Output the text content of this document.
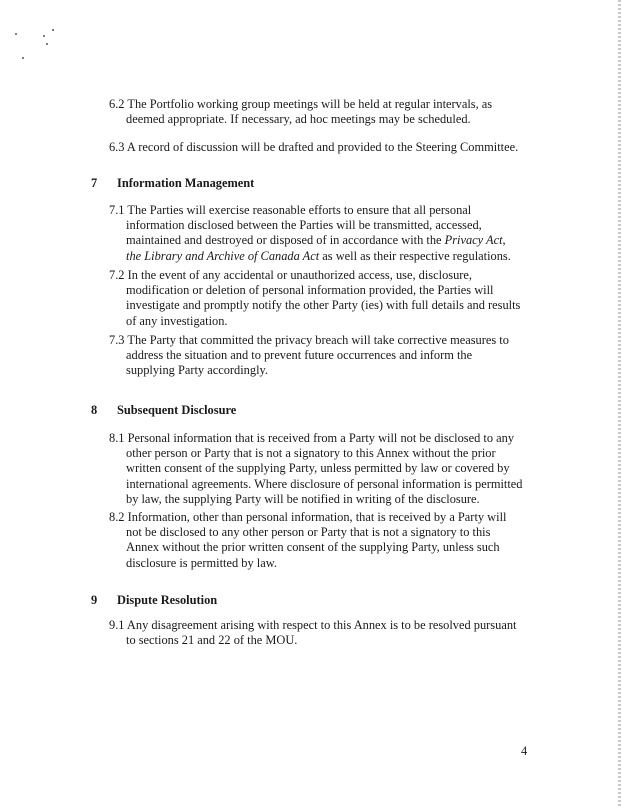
6.2 The Portfolio working group meetings will be held at regular intervals, as deemed appropriate. If necessary, ad hoc meetings may be scheduled.
6.3 A record of discussion will be drafted and provided to the Steering Committee.
7 Information Management
7.1 The Parties will exercise reasonable efforts to ensure that all personal information disclosed between the Parties will be transmitted, accessed, maintained and destroyed or disposed of in accordance with the Privacy Act, the Library and Archive of Canada Act as well as their respective regulations.
7.2 In the event of any accidental or unauthorized access, use, disclosure, modification or deletion of personal information provided, the Parties will investigate and promptly notify the other Party (ies) with full details and results of any investigation.
7.3 The Party that committed the privacy breach will take corrective measures to address the situation and to prevent future occurrences and inform the supplying Party accordingly.
8 Subsequent Disclosure
8.1 Personal information that is received from a Party will not be disclosed to any other person or Party that is not a signatory to this Annex without the prior written consent of the supplying Party, unless permitted by law or covered by international agreements. Where disclosure of personal information is permitted by law, the supplying Party will be notified in writing of the disclosure.
8.2 Information, other than personal information, that is received by a Party will not be disclosed to any other person or Party that is not a signatory to this Annex without the prior written consent of the supplying Party, unless such disclosure is permitted by law.
9 Dispute Resolution
9.1 Any disagreement arising with respect to this Annex is to be resolved pursuant to sections 21 and 22 of the MOU.
4
